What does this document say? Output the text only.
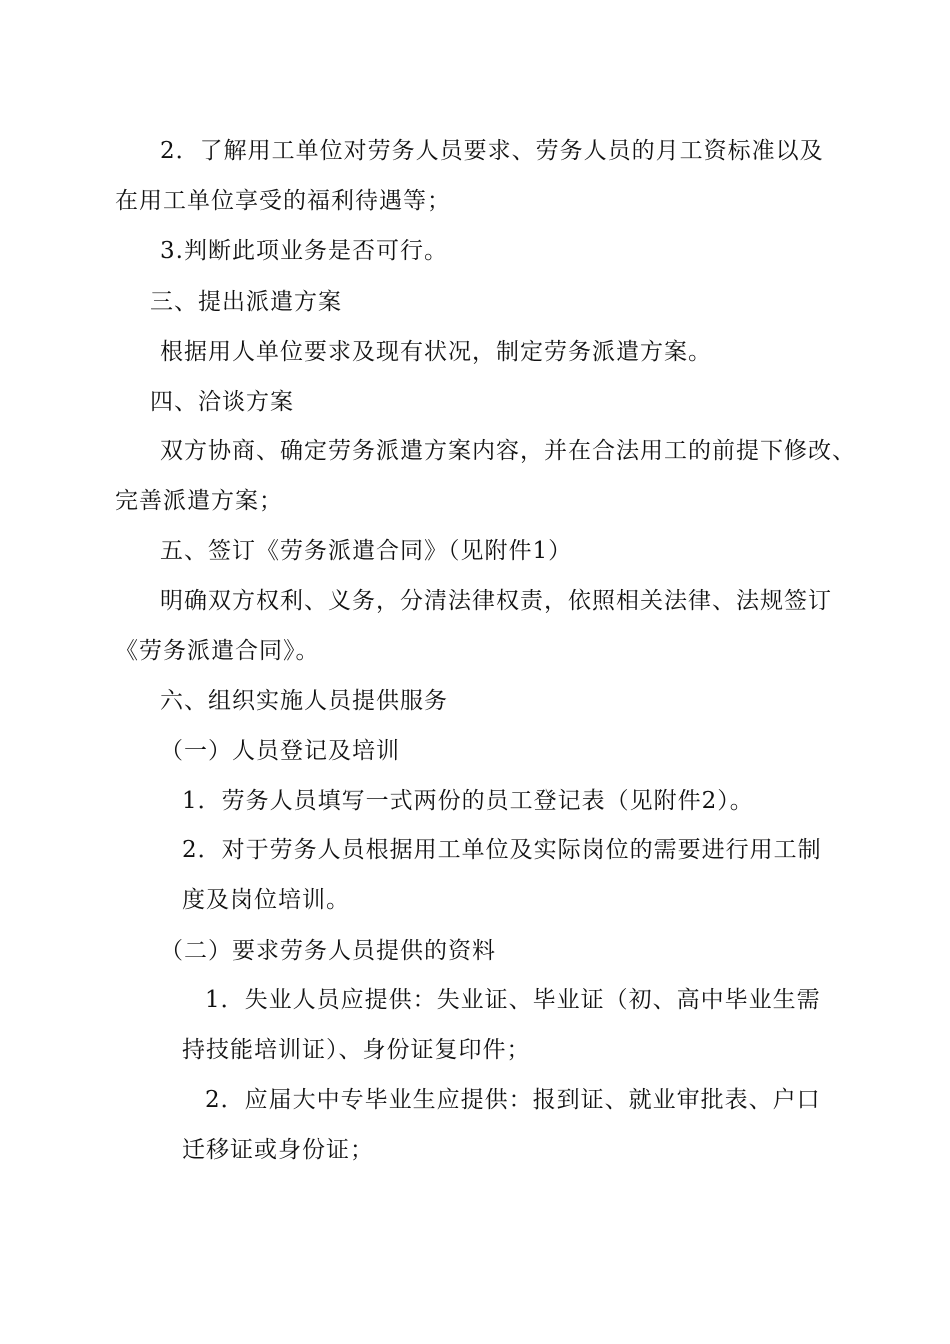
2．了解用工单位对劳务人员要求、劳务人员的月工资标准以及
在用工单位享受的福利待遇等；
3.判断此项业务是否可行。
三、提出派遣方案
根据用人单位要求及现有状况，制定劳务派遣方案。
四、洽谈方案
双方协商、确定劳务派遣方案内容，并在合法用工的前提下修改、
完善派遣方案；
五、签订《劳务派遣合同》（见附件1）
明确双方权利、义务，分清法律权责，依照相关法律、法规签订
《劳务派遣合同》。
六、组织实施人员提供服务
（一）人员登记及培训
1．劳务人员填写一式两份的员工登记表（见附件2）。
2．对于劳务人员根据用工单位及实际岗位的需要进行用工制
度及岗位培训。
（二）要求劳务人员提供的资料
1．失业人员应提供：失业证、毕业证（初、高中毕业生需
持技能培训证）、身份证复印件；
2．应届大中专毕业生应提供：报到证、就业审批表、户口
迁移证或身份证；
